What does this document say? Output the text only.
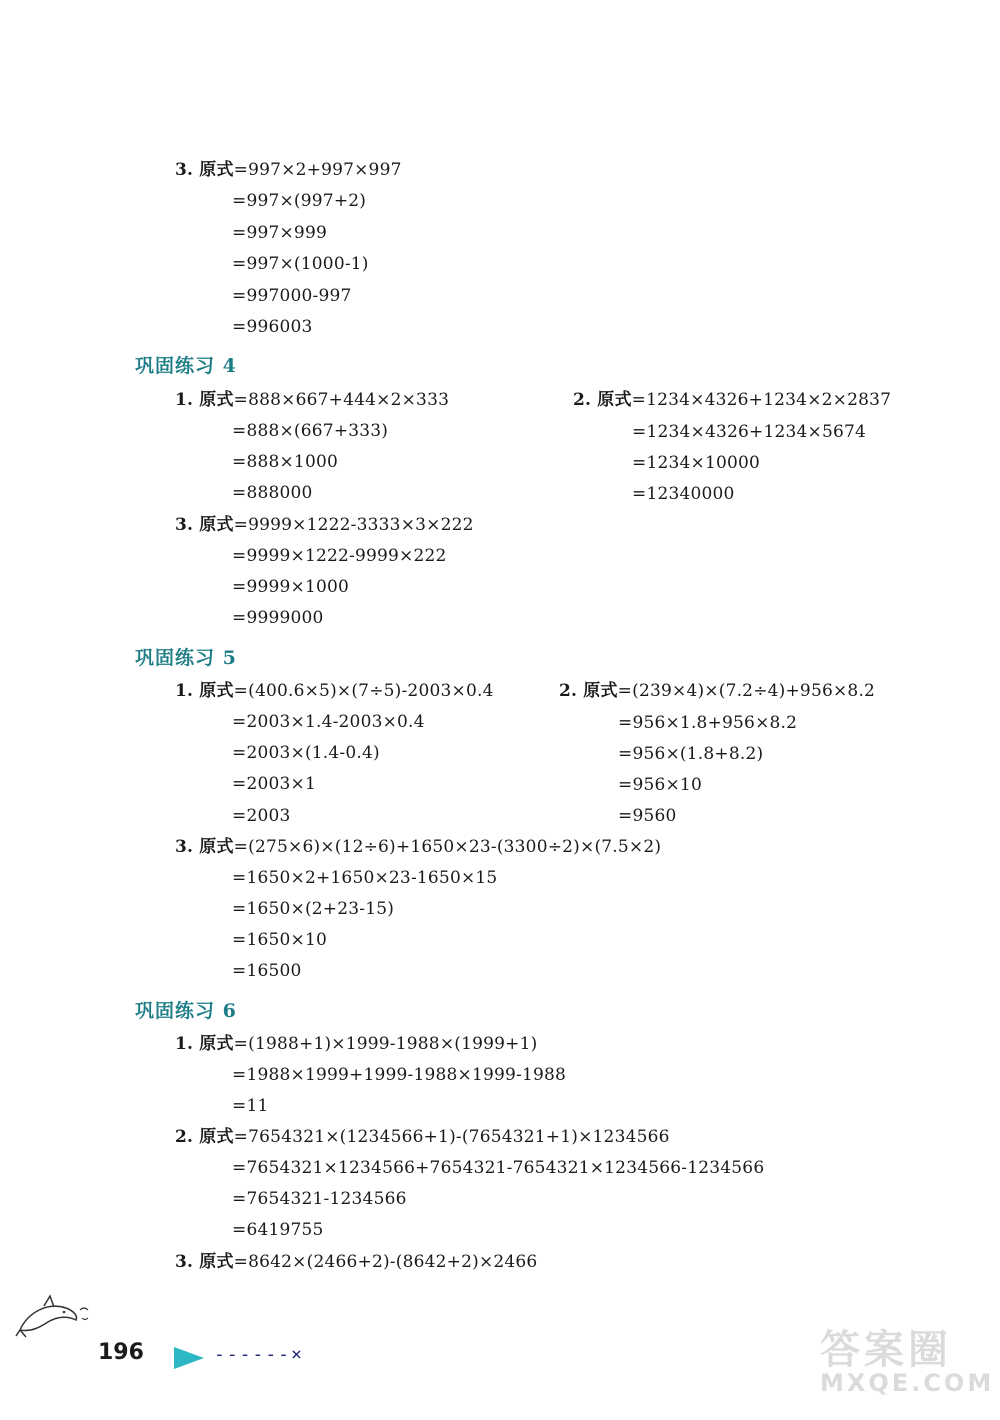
3. 原式=997×2+997×997
=997×(997+2)
=997×999
=997×(1000-1)
=997000-997
=996003
巩固练习 4
1. 原式=888×667+444×2×333
=888×(667+333)
=888×1000
=888000
2. 原式=1234×4326+1234×2×2837
=1234×4326+1234×5674
=1234×10000
=12340000
3. 原式=9999×1222-3333×3×222
=9999×1222-9999×222
=9999×1000
=9999000
巩固练习 5
1. 原式=(400.6×5)×(7÷5)-2003×0.4
=2003×1.4-2003×0.4
=2003×(1.4-0.4)
=2003×1
=2003
2. 原式=(239×4)×(7.2÷4)+956×8.2
=956×1.8+956×8.2
=956×(1.8+8.2)
=956×10
=9560
3. 原式=(275×6)×(12÷6)+1650×23-(3300÷2)×(7.5×2)
=1650×2+1650×23-1650×15
=1650×(2+23-15)
=1650×10
=16500
巩固练习 6
1. 原式=(1988+1)×1999-1988×(1999+1)
=1988×1999+1999-1988×1999-1988
=11
2. 原式=7654321×(1234566+1)-(7654321+1)×1234566
=7654321×1234566+7654321-7654321×1234566-1234566
=7654321-1234566
=6419755
3. 原式=8642×(2466+2)-(8642+2)×2466
196	------×	答案圈
MXQE.COM
